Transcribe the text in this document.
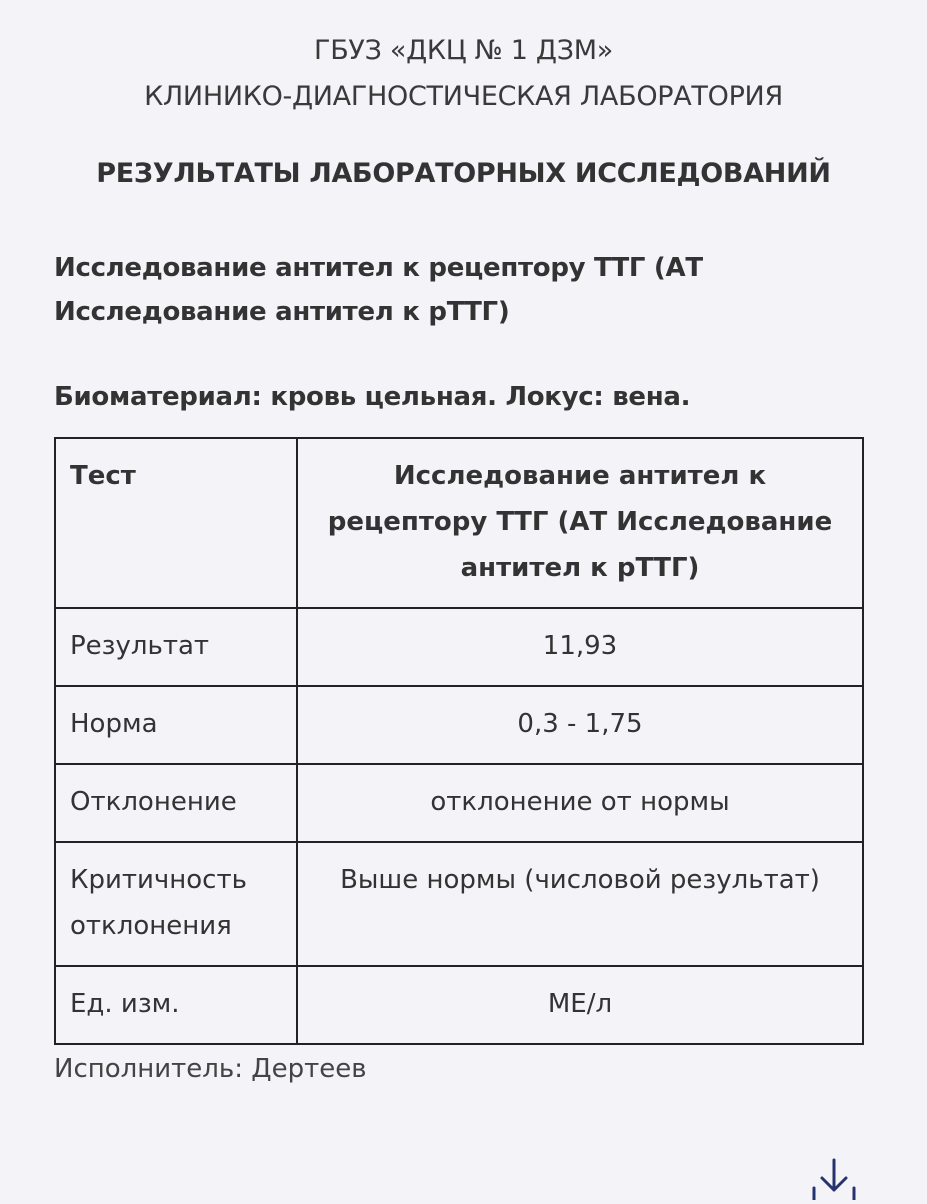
ГБУЗ «ДКЦ № 1 ДЗМ»
КЛИНИКО-ДИАГНОСТИЧЕСКАЯ ЛАБОРАТОРИЯ
РЕЗУЛЬТАТЫ ЛАБОРАТОРНЫХ ИССЛЕДОВАНИЙ
Исследование антител к рецептору ТТГ (АТ Исследование антител к рТТГ)
Биоматериал: кровь цельная. Локус: вена.
Тест	Исследование антител к рецептору ТТГ (АТ Исследование антител к рТТГ)
Результат	11,93
Норма	0,3 - 1,75
Отклонение	отклонение от нормы
Критичность отклонения	Выше нормы (числовой результат)
Ед. изм.	МЕ/л
Исполнитель: Дертеев
